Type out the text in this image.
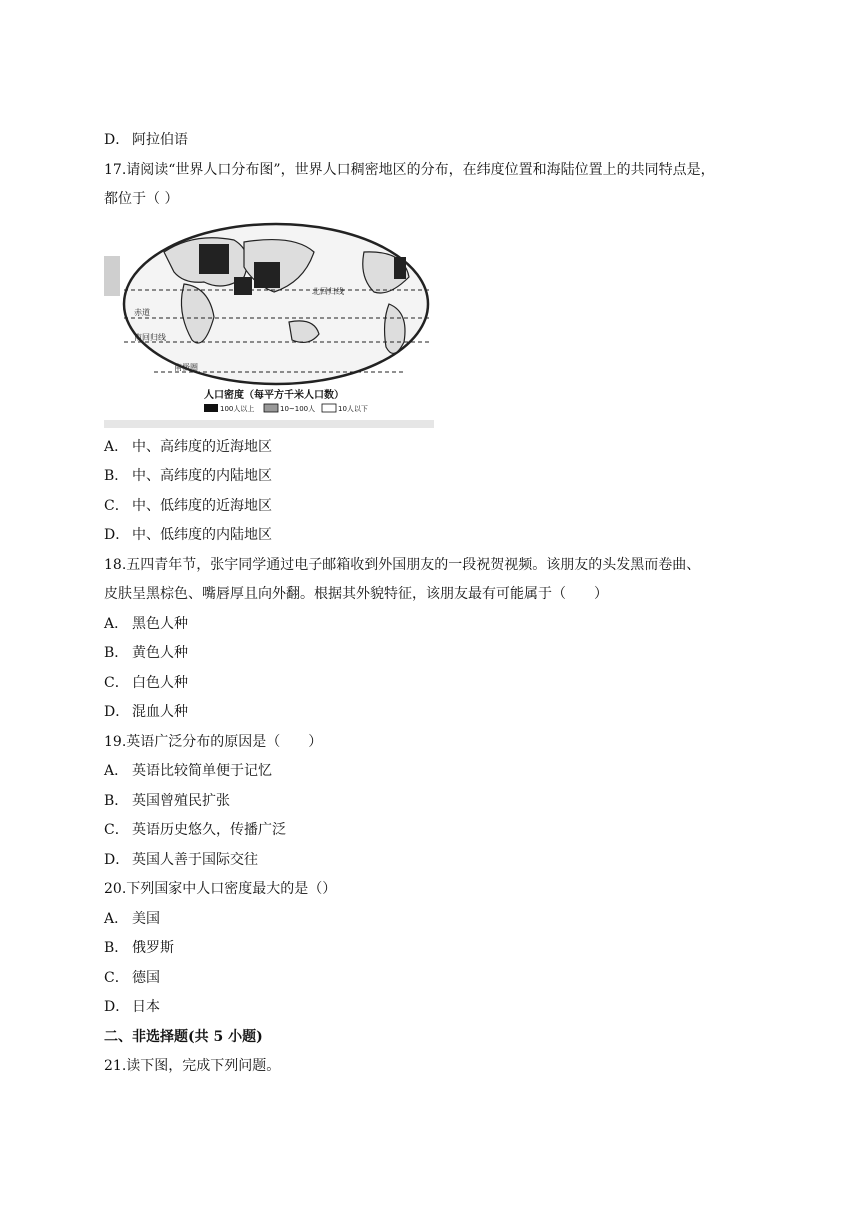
D． 阿拉伯语
17.请阅读“世界人口分布图”，世界人口稠密地区的分布，在纬度位置和海陆位置上的共同特点是，
都位于（ ）
北回归线
赤道
南回归线
南极圈
人口密度（每平方千米人口数）
100人以上	10~100人	10人以下
A． 中、高纬度的近海地区
B． 中、高纬度的内陆地区
C． 中、低纬度的近海地区
D． 中、低纬度的内陆地区
18.五四青年节，张宇同学通过电子邮箱收到外国朋友的一段祝贺视频。该朋友的头发黑而卷曲、
皮肤呈黑棕色、嘴唇厚且向外翻。根据其外貌特征，该朋友最有可能属于（　　）
A． 黑色人种
B． 黄色人种
C． 白色人种
D． 混血人种
19.英语广泛分布的原因是（　　）
A． 英语比较简单便于记忆
B． 英国曾殖民扩张
C． 英语历史悠久，传播广泛
D． 英国人善于国际交往
20.下列国家中人口密度最大的是（）
A． 美国
B． 俄罗斯
C． 德国
D． 日本
二、非选择题(共 5 小题)
21.读下图，完成下列问题。
